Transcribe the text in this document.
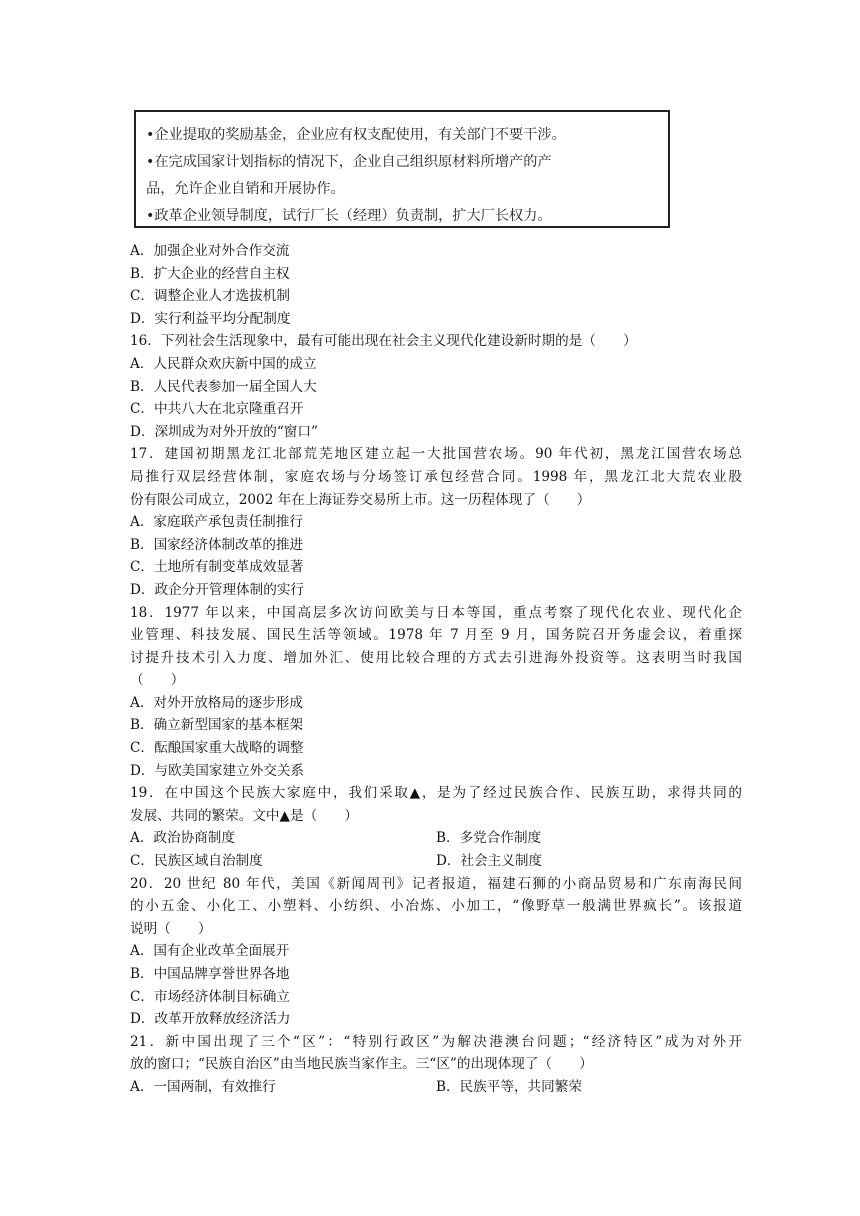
•企业提取的奖励基金，企业应有权支配使用，有关部门不要干涉。

•在完成国家计划指标的情况下，企业自己组织原材料所增产的产

品，允许企业自销和开展协作。

•政革企业领导制度，试行厂长（经理）负责制，扩大厂长权力。

A．加强企业对外合作交流

B．扩大企业的经营自主权

C．调整企业人才选拔机制

D．实行利益平均分配制度

16．下列社会生活现象中，最有可能出现在社会主义现代化建设新时期的是（　　）

A．人民群众欢庆新中国的成立

B．人民代表参加一届全国人大

C．中共八大在北京隆重召开

D．深圳成为对外开放的“窗口”

17．建国初期黑龙江北部荒芜地区建立起一大批国营农场。90 年代初，黑龙江国营农场总

局推行双层经营体制，家庭农场与分场签订承包经营合同。1998 年，黑龙江北大荒农业股

份有限公司成立，2002 年在上海证券交易所上市。这一历程体现了（　　）

A．家庭联产承包责任制推行

B．国家经济体制改革的推进

C．土地所有制变革成效显著

D．政企分开管理体制的实行

18．1977 年以来，中国高层多次访问欧美与日本等国，重点考察了现代化农业、现代化企

业管理、科技发展、国民生活等领域。1978 年 7 月至 9 月，国务院召开务虚会议，着重探

讨提升技术引入力度、增加外汇、使用比较合理的方式去引进海外投资等。这表明当时我国

（　　）

A．对外开放格局的逐步形成

B．确立新型国家的基本框架

C．酝酿国家重大战略的调整

D．与欧美国家建立外交关系

19．在中国这个民族大家庭中，我们采取▲，是为了经过民族合作、民族互助，求得共同的

发展、共同的繁荣。文中▲是（　　）

A．政治协商制度	B．多党合作制度

C．民族区域自治制度	D．社会主义制度

20．20 世纪 80 年代，美国《新闻周刊》记者报道，福建石狮的小商品贸易和广东南海民间

的小五金、小化工、小塑料、小纺织、小冶炼、小加工，“像野草一般满世界疯长”。该报道

说明（　　）

A．国有企业改革全面展开

B．中国品牌享誉世界各地

C．市场经济体制目标确立

D．改革开放释放经济活力

21．新中国出现了三个“区”：“特别行政区”为解决港澳台问题；“经济特区”成为对外开

放的窗口；“民族自治区”由当地民族当家作主。三“区”的出现体现了（　　）

A．一国两制，有效推行	B．民族平等，共同繁荣
